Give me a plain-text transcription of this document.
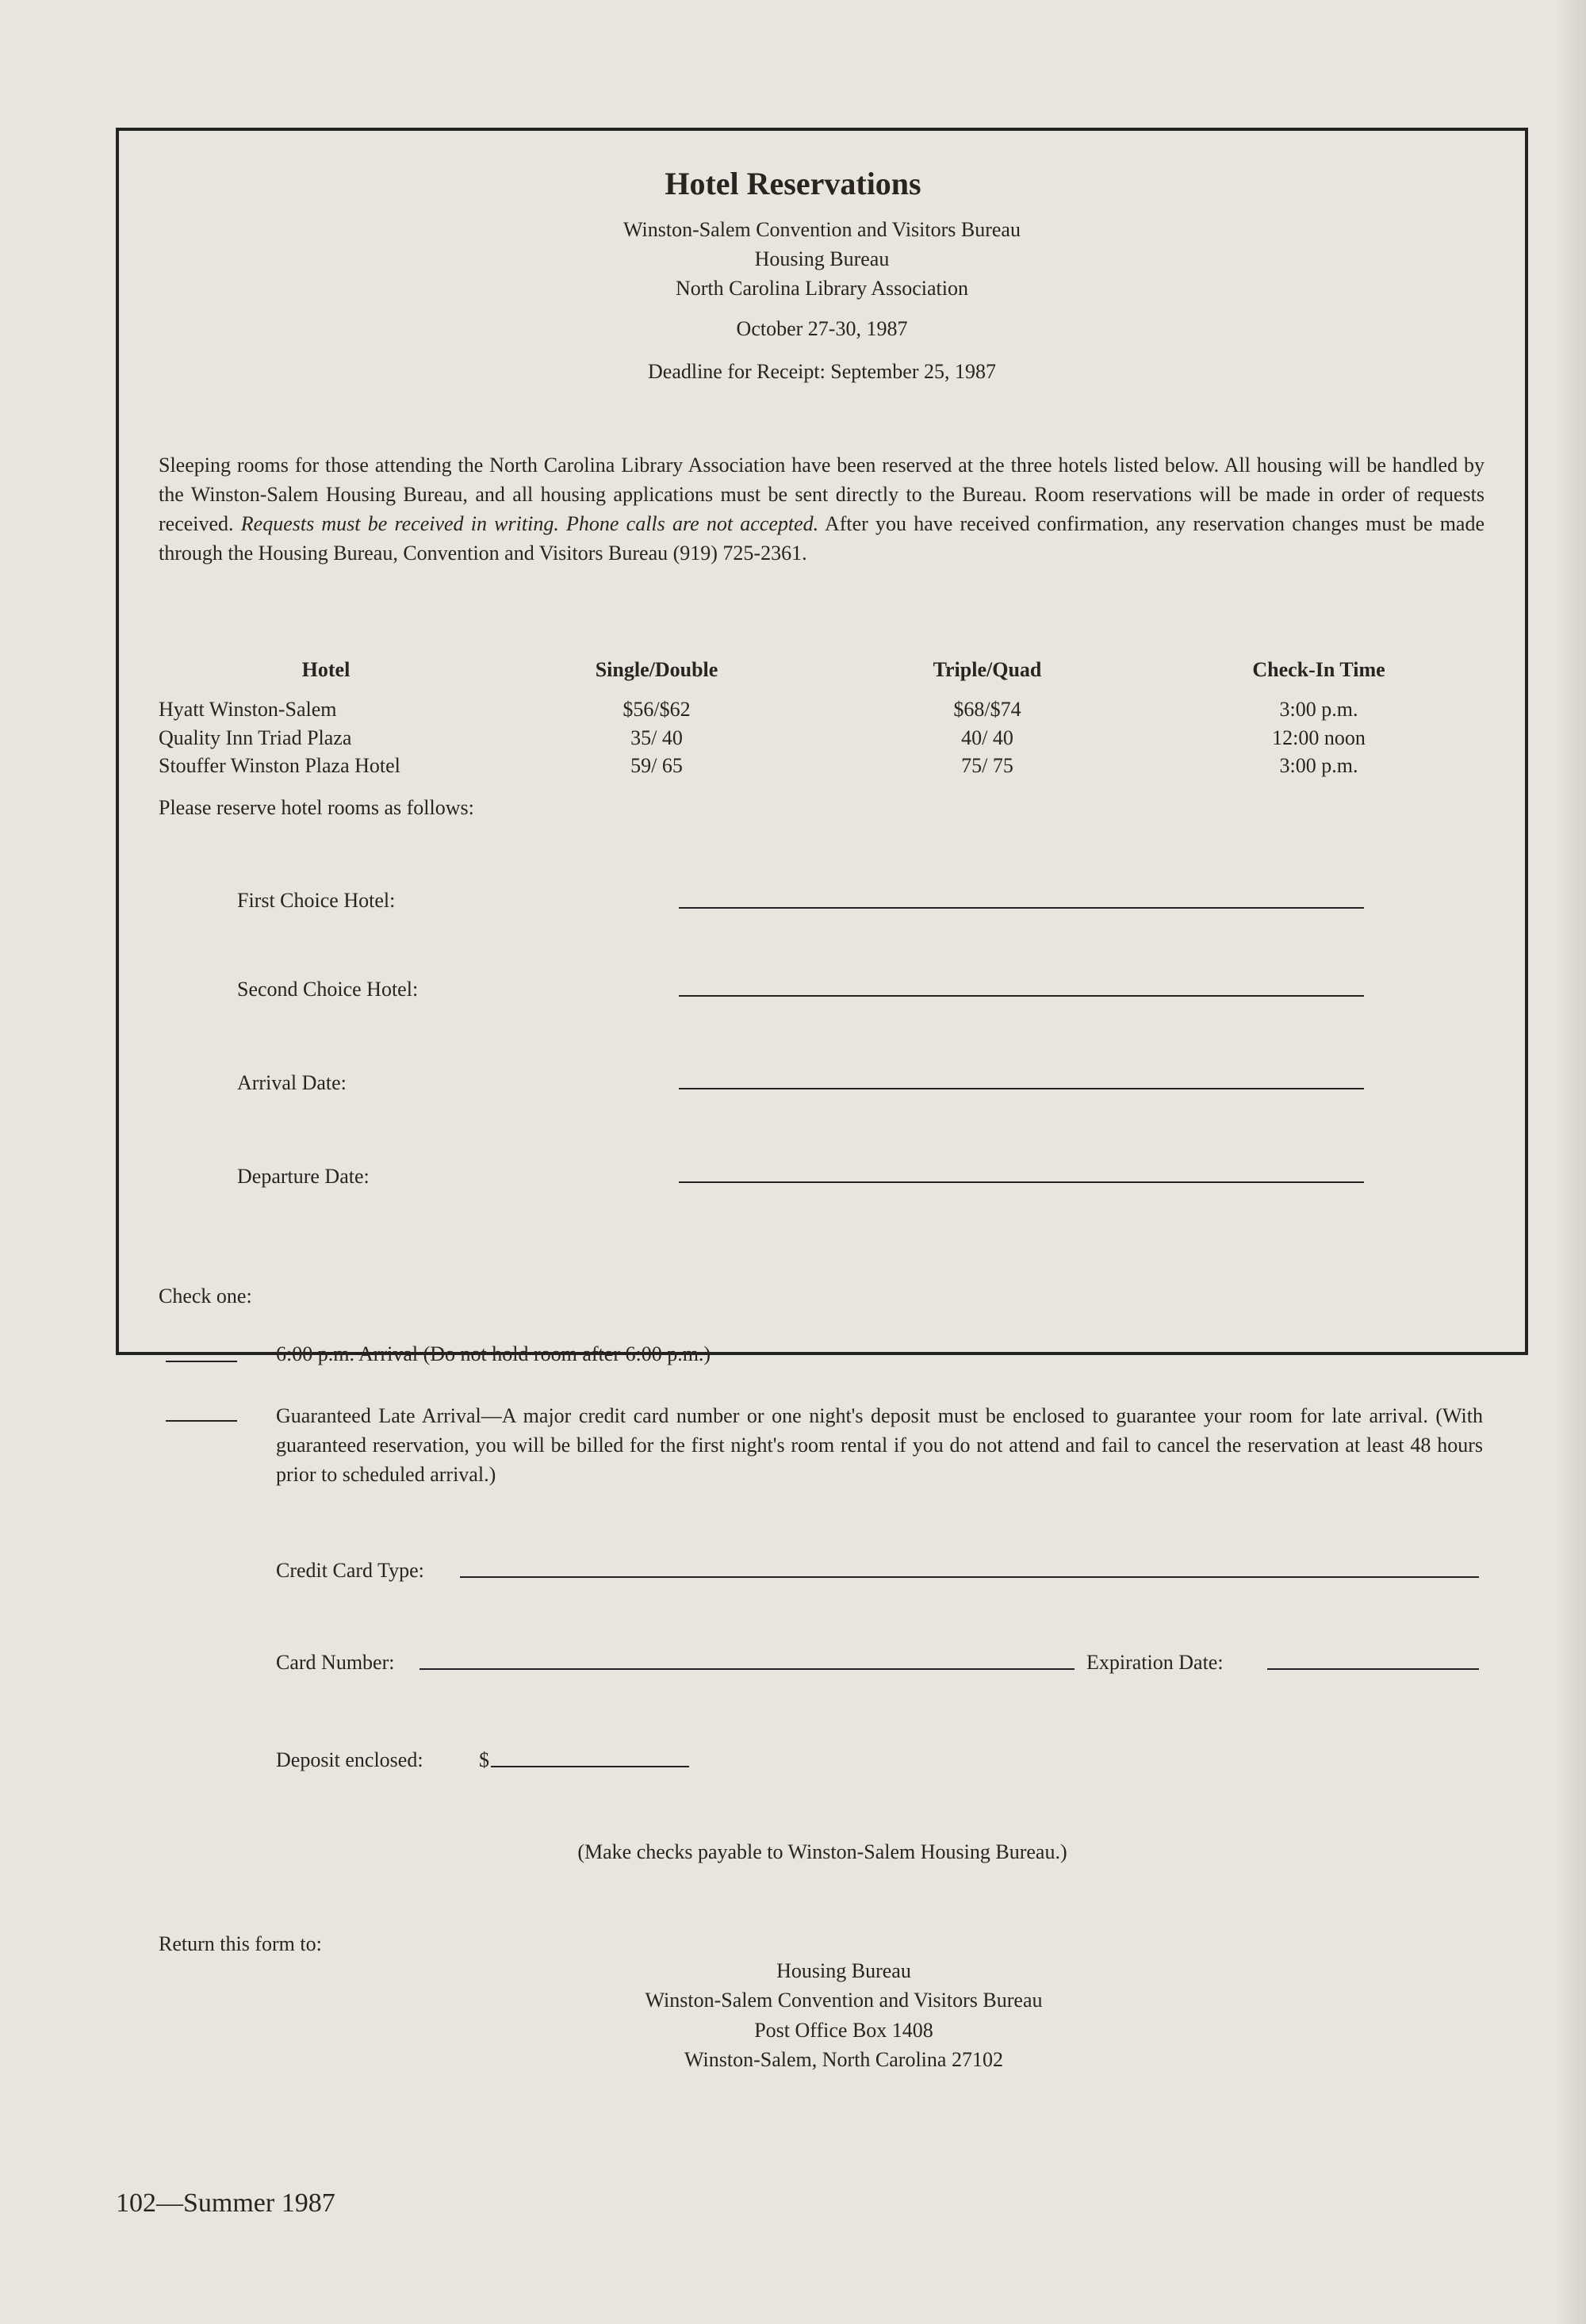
Hotel Reservations
Winston-Salem Convention and Visitors Bureau
Housing Bureau
North Carolina Library Association
October 27-30, 1987
Deadline for Receipt: September 25, 1987
Sleeping rooms for those attending the North Carolina Library Association have been reserved at the three hotels listed below. All housing will be handled by the Winston-Salem Housing Bureau, and all housing applications must be sent directly to the Bureau. Room reservations will be made in order of requests received. Requests must be received in writing. Phone calls are not accepted. After you have received confirmation, any reservation changes must be made through the Housing Bureau, Convention and Visitors Bureau (919) 725-2361.
Hotel	Single/Double	Triple/Quad	Check-In Time
Hyatt Winston-Salem	$56/$62	$68/$74	3:00 p.m.
Quality Inn Triad Plaza	35/ 40	40/ 40	12:00 noon
Stouffer Winston Plaza Hotel	59/ 65	75/ 75	3:00 p.m.
Please reserve hotel rooms as follows:
First Choice Hotel:
Second Choice Hotel:
Arrival Date:
Departure Date:
Check one:
6:00 p.m. Arrival (Do not hold room after 6:00 p.m.)
Guaranteed Late Arrival—A major credit card number or one night's deposit must be enclosed to guarantee your room for late arrival. (With guaranteed reservation, you will be billed for the first night's room rental if you do not attend and fail to cancel the reservation at least 48 hours prior to scheduled arrival.)
Credit Card Type:
Card Number:	Expiration Date:
Deposit enclosed:	$
(Make checks payable to Winston-Salem Housing Bureau.)
Return this form to:
Housing Bureau
Winston-Salem Convention and Visitors Bureau
Post Office Box 1408
Winston-Salem, North Carolina 27102
102—Summer 1987
